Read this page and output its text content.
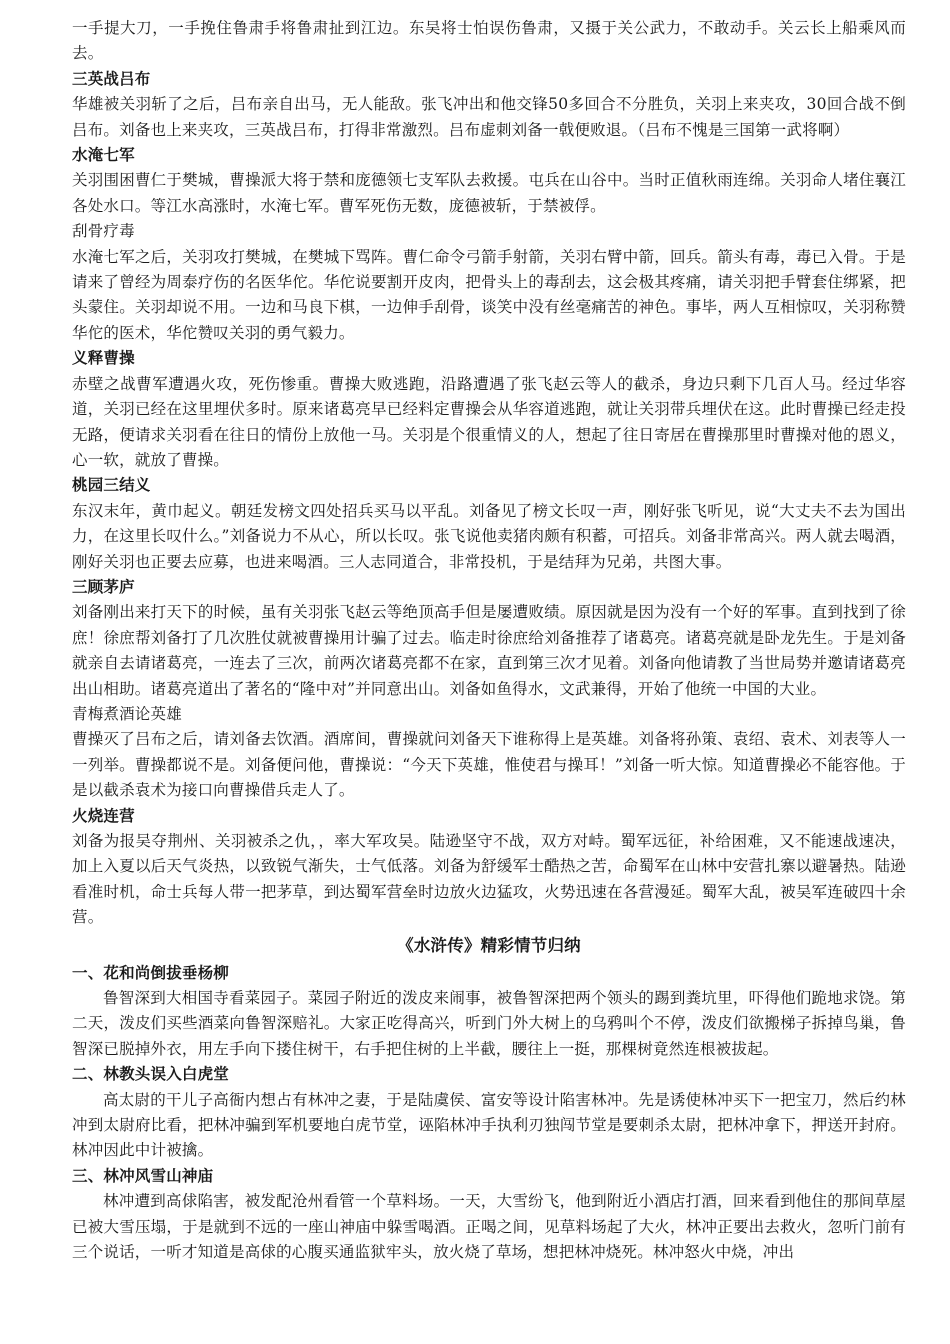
一手提大刀，一手挽住鲁肃手将鲁肃扯到江边。东吴将士怕误伤鲁肃，又摄于关公武力，不敢动手。关云长上船乘风而去。

三英战吕布

华雄被关羽斩了之后，吕布亲自出马，无人能敌。张飞冲出和他交锋50多回合不分胜负，关羽上来夹攻，30回合战不倒吕布。刘备也上来夹攻，三英战吕布，打得非常激烈。吕布虚刺刘备一戟便败退。（吕布不愧是三国第一武将啊）

水淹七军

关羽围困曹仁于樊城，曹操派大将于禁和庞德领七支军队去救援。屯兵在山谷中。当时正值秋雨连绵。关羽命人堵住襄江各处水口。等江水高涨时，水淹七军。曹军死伤无数，庞德被斩，于禁被俘。

刮骨疗毒

水淹七军之后，关羽攻打樊城，在樊城下骂阵。曹仁命令弓箭手射箭，关羽右臂中箭，回兵。箭头有毒，毒已入骨。于是请来了曾经为周泰疗伤的名医华佗。华佗说要割开皮肉，把骨头上的毒刮去，这会极其疼痛，请关羽把手臂套住绑紧，把头蒙住。关羽却说不用。一边和马良下棋，一边伸手刮骨，谈笑中没有丝毫痛苦的神色。事毕，两人互相惊叹，关羽称赞华佗的医术，华佗赞叹关羽的勇气毅力。

义释曹操

赤壁之战曹军遭遇火攻，死伤惨重。曹操大败逃跑，沿路遭遇了张飞赵云等人的截杀，身边只剩下几百人马。经过华容道，关羽已经在这里埋伏多时。原来诸葛亮早已经料定曹操会从华容道逃跑，就让关羽带兵埋伏在这。此时曹操已经走投无路，便请求关羽看在往日的情份上放他一马。关羽是个很重情义的人，想起了往日寄居在曹操那里时曹操对他的恩义，心一软，就放了曹操。

桃园三结义

东汉末年，黄巾起义。朝廷发榜文四处招兵买马以平乱。刘备见了榜文长叹一声，刚好张飞听见，说“大丈夫不去为国出力，在这里长叹什么。”刘备说力不从心，所以长叹。张飞说他卖猪肉颇有积蓄，可招兵。刘备非常高兴。两人就去喝酒，刚好关羽也正要去应募，也进来喝酒。三人志同道合，非常投机，于是结拜为兄弟，共图大事。

三顾茅庐

刘备刚出来打天下的时候，虽有关羽张飞赵云等绝顶高手但是屡遭败绩。原因就是因为没有一个好的军事。直到找到了徐庶！徐庶帮刘备打了几次胜仗就被曹操用计骗了过去。临走时徐庶给刘备推荐了诸葛亮。诸葛亮就是卧龙先生。于是刘备就亲自去请诸葛亮，一连去了三次，前两次诸葛亮都不在家，直到第三次才见着。刘备向他请教了当世局势并邀请诸葛亮出山相助。诸葛亮道出了著名的“隆中对”并同意出山。刘备如鱼得水，文武兼得，开始了他统一中国的大业。

青梅煮酒论英雄

曹操灭了吕布之后，请刘备去饮酒。酒席间，曹操就问刘备天下谁称得上是英雄。刘备将孙策、袁绍、袁术、刘表等人一一列举。曹操都说不是。刘备便问他，曹操说：“今天下英雄，惟使君与操耳！”刘备一听大惊。知道曹操必不能容他。于是以截杀袁术为接口向曹操借兵走人了。

火烧连营

刘备为报吴夺荆州、关羽被杀之仇，，率大军攻吴。陆逊坚守不战，双方对峙。蜀军远征，补给困难，又不能速战速决，加上入夏以后天气炎热，以致锐气渐失，士气低落。刘备为舒缓军士酷热之苦，命蜀军在山林中安营扎寨以避暑热。陆逊看准时机，命士兵每人带一把茅草，到达蜀军营垒时边放火边猛攻，火势迅速在各营漫延。蜀军大乱，被吴军连破四十余营。

《水浒传》精彩情节归纳
一、花和尚倒拔垂杨柳

鲁智深到大相国寺看菜园子。菜园子附近的泼皮来闹事，被鲁智深把两个领头的踢到粪坑里，吓得他们跪地求饶。第二天，泼皮们买些酒菜向鲁智深赔礼。大家正吃得高兴，听到门外大树上的乌鸦叫个不停，泼皮们欲搬梯子拆掉鸟巢，鲁智深已脱掉外衣，用左手向下搂住树干，右手把住树的上半截，腰往上一挺，那棵树竟然连根被拔起。

二、林教头误入白虎堂

高太尉的干儿子高衙内想占有林冲之妻，于是陆虞侯、富安等设计陷害林冲。先是诱使林冲买下一把宝刀，然后约林冲到太尉府比看，把林冲骗到军机要地白虎节堂，诬陷林冲手执利刃独闯节堂是要刺杀太尉，把林冲拿下，押送开封府。林冲因此中计被擒。

三、林冲风雪山神庙

林冲遭到高俅陷害，被发配沧州看管一个草料场。一天，大雪纷飞，他到附近小酒店打酒，回来看到他住的那间草屋已被大雪压塌，于是就到不远的一座山神庙中躲雪喝酒。正喝之间，见草料场起了大火，林冲正要出去救火，忽听门前有三个说话，一听才知道是高俅的心腹买通监狱牢头，放火烧了草场，想把林冲烧死。林冲怒火中烧，冲出
